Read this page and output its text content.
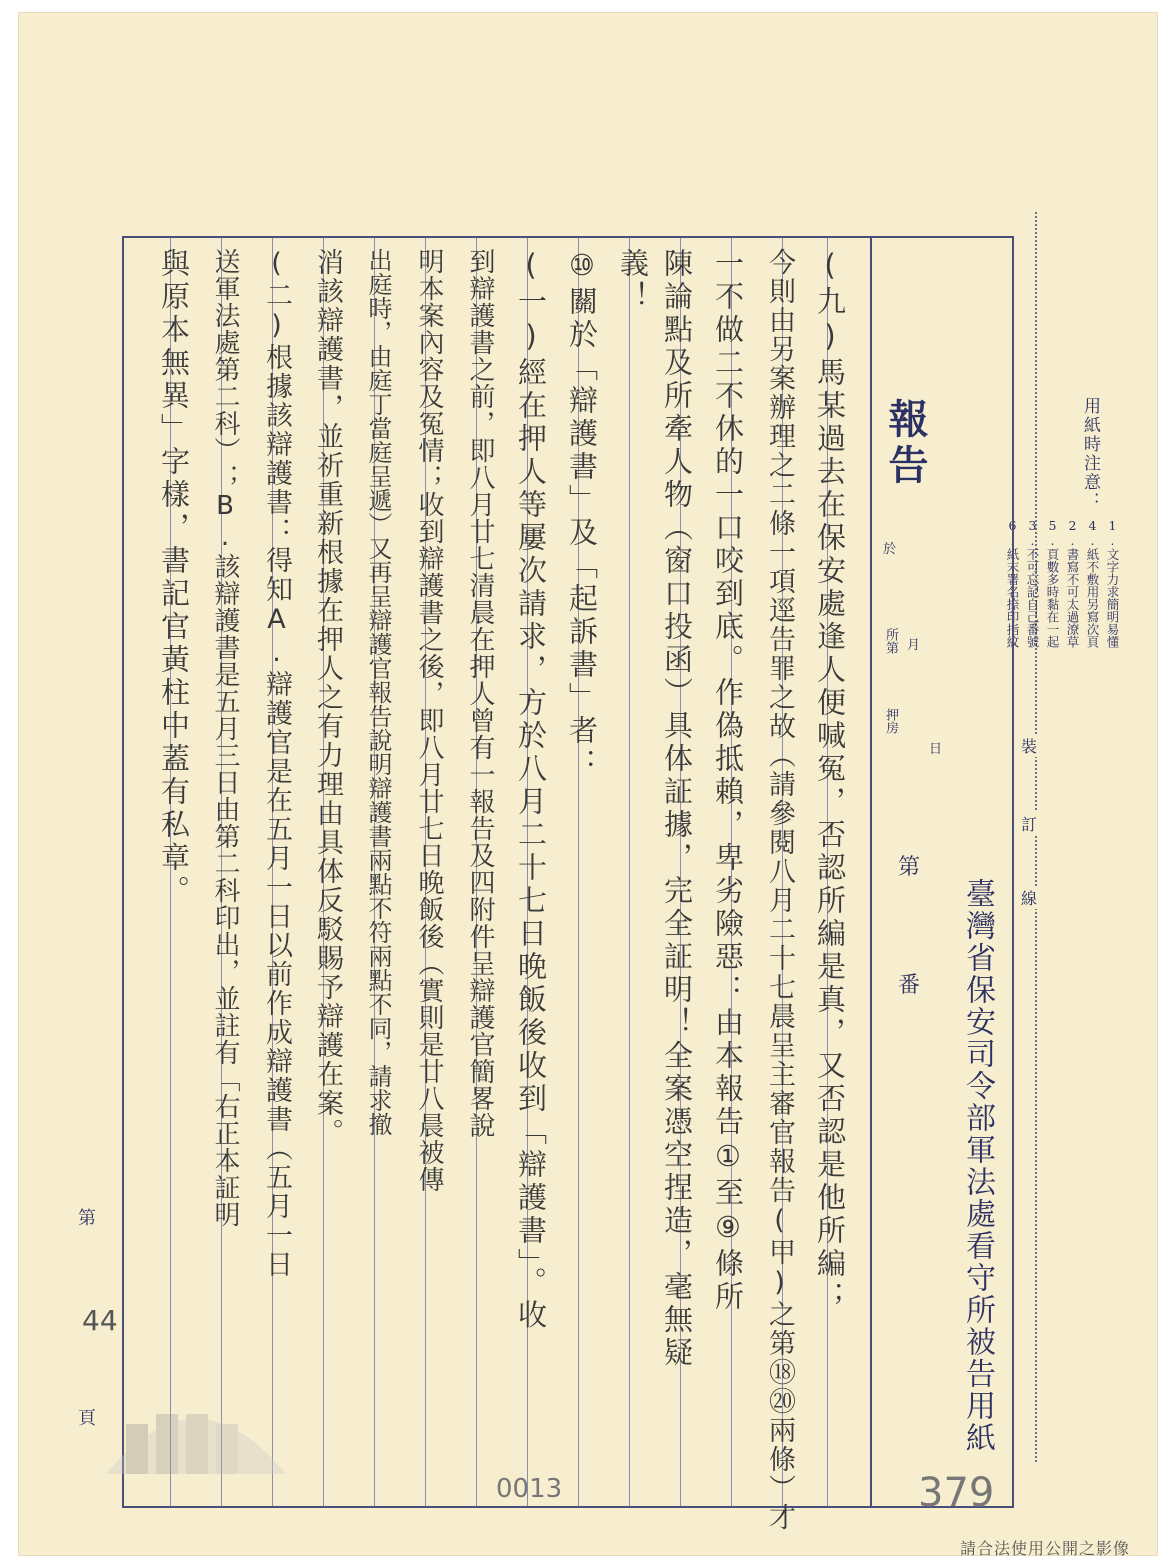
裝
訂
線
用紙時注意：
1.文字力求簡明易懂
4.紙不敷用另寫次頁
2.書寫不可太過潦草
5.頁數多時黏在一起
3.不可忘記自己番號
6.紙末署名捺印指紋
報告
月
日
於
所第
押房
第
番 臺灣省保安司令部軍法處看守所被告用紙
(九)馬某過去在保安處逢人便喊冤，否認所編是真，又否認是他所編；
今則由另案辦理之二條一項逕告罪之故（請參閱八月二十七晨呈主審官報告(甲)之第⑱⑳兩條）才
一不做二不休的一口咬到底。作偽抵賴，卑劣險惡：由本報告①至⑨條所
陳論點及所牽人物（窗口投函）具体証據，完全証明！全案憑空捏造，毫無疑
義！
⑩關於「辯護書」及「起訴書」者：
(一)經在押人等屢次請求，方於八月二十七日晚飯後收到「辯護書」。收
到辯護書之前，即八月廿七清晨在押人曾有一報告及四附件呈辯護官簡畧說
明本案內容及冤情；收到辯護書之後，即八月廿七日晚飯後（實則是廿八晨被傳
出庭時，由庭丁當庭呈遞）又再呈辯護官報告說明辯護書兩點不符兩點不同，請求撤
消該辯護書，並祈重新根據在押人之有力理由具体反駁賜予辯護在案。
(二)根據該辯護書：得知A.辯護官是在五月一日以前作成辯護書（五月一日
送軍法處第二科）；B.該辯護書是五月三日由第二科印出，並註有「右正本証明
與原本無異」字樣，書記官黃柱中蓋有私章。
第
44
頁
0013	379
請合法使用公開之影像
